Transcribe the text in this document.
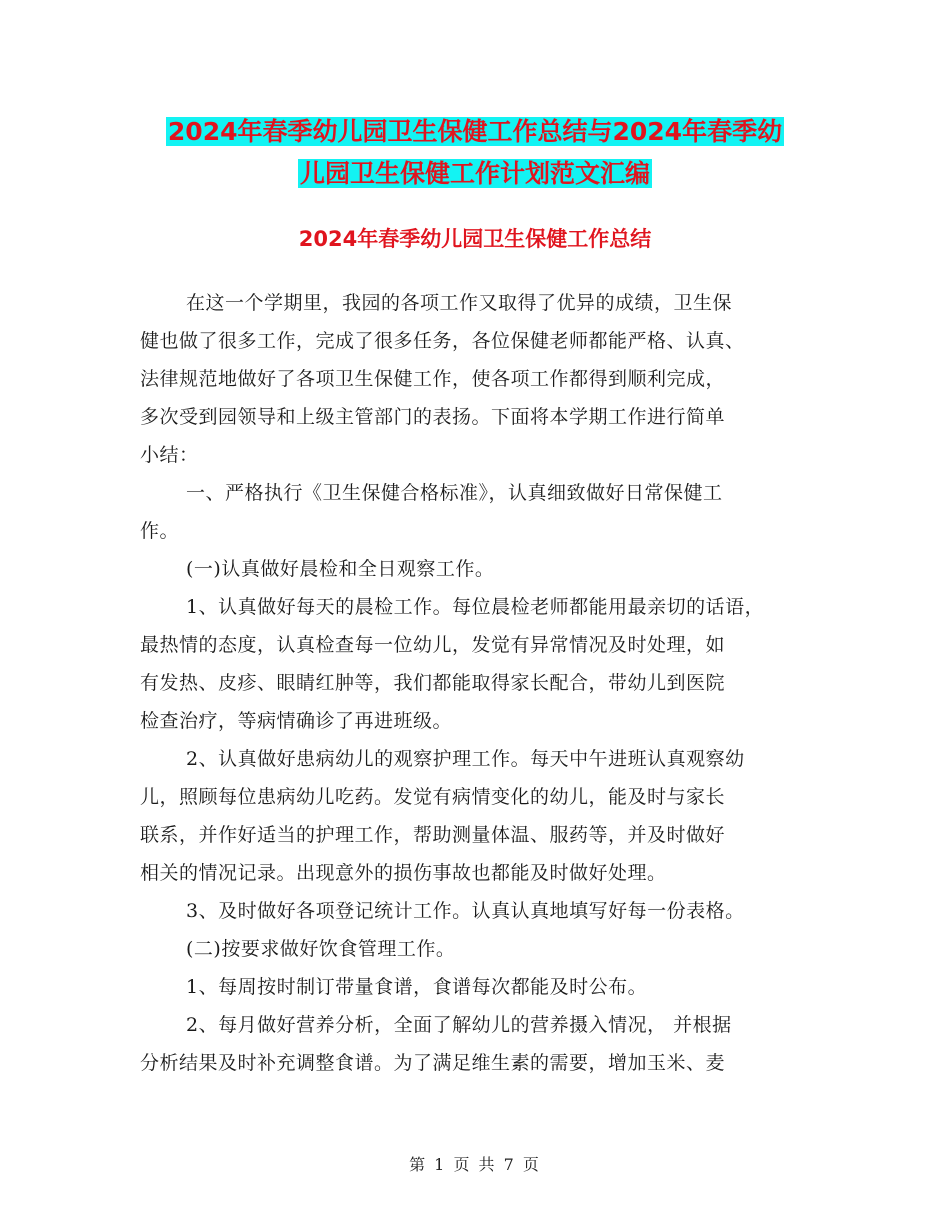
2024年春季幼儿园卫生保健工作总结与2024年春季幼
儿园卫生保健工作计划范文汇编
2024年春季幼儿园卫生保健工作总结
在这一个学期里，我园的各项工作又取得了优异的成绩，卫生保
健也做了很多工作，完成了很多任务，各位保健老师都能严格、认真、
法律规范地做好了各项卫生保健工作，使各项工作都得到顺利完成，
多次受到园领导和上级主管部门的表扬。下面将本学期工作进行简单
小结：
一、严格执行《卫生保健合格标准》，认真细致做好日常保健工
作。
(一)认真做好晨检和全日观察工作。
1、认真做好每天的晨检工作。每位晨检老师都能用最亲切的话语，
最热情的态度，认真检查每一位幼儿，发觉有异常情况及时处理，如
有发热、皮疹、眼睛红肿等，我们都能取得家长配合，带幼儿到医院
检查治疗，等病情确诊了再进班级。
2、认真做好患病幼儿的观察护理工作。每天中午进班认真观察幼
儿，照顾每位患病幼儿吃药。发觉有病情变化的幼儿，能及时与家长
联系，并作好适当的护理工作，帮助测量体温、服药等，并及时做好
相关的情况记录。出现意外的损伤事故也都能及时做好处理。
3、及时做好各项登记统计工作。认真认真地填写好每一份表格。
(二)按要求做好饮食管理工作。
1、每周按时制订带量食谱，食谱每次都能及时公布。
2、每月做好营养分析，全面了解幼儿的营养摄入情况， 并根据
分析结果及时补充调整食谱。为了满足维生素的需要，增加玉米、麦
第 1 页 共 7 页
